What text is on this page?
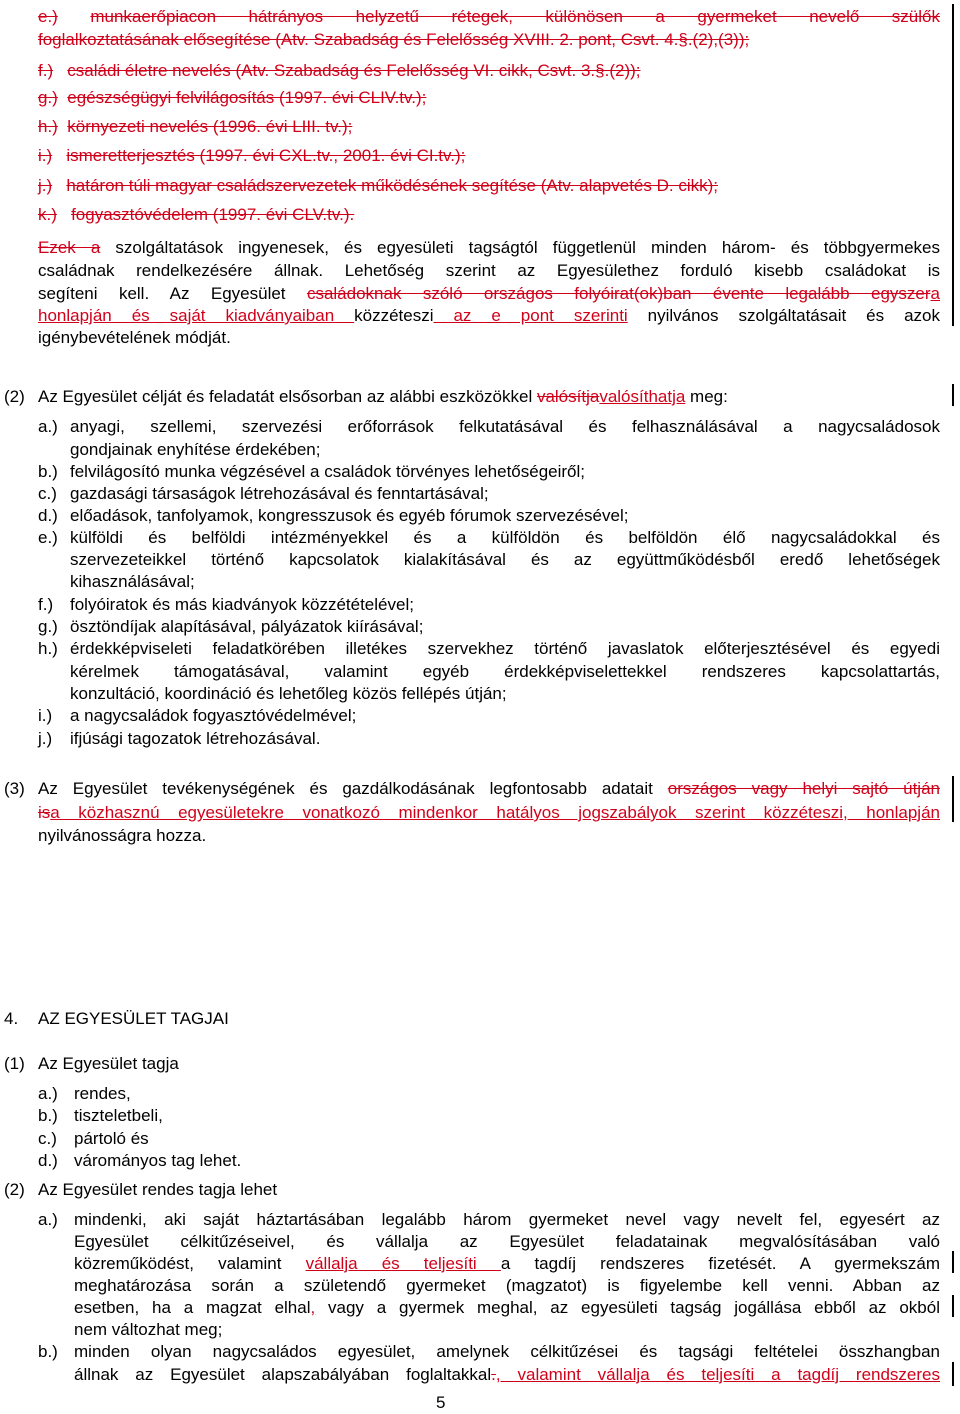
e.) munkaerőpiacon hátrányos helyzetű rétegek, különösen a gyermeket nevelő szülők
foglalkoztatásának elősegítése (Atv. Szabadság és Felelősség XVIII. 2. pont, Csvt. 4.§.(2),(3));
f.) családi életre nevelés (Atv. Szabadság és Felelősség VI. cikk, Csvt. 3.§.(2));
g.) egészségügyi felvilágosítás (1997. évi CLIV.tv.);
h.) környezeti nevelés (1996. évi LIII. tv.);
i.) ismeretterjesztés (1997. évi CXL.tv., 2001. évi CI.tv.);
j.) határon túli magyar családszervezetek működésének segítése (Atv. alapvetés D. cikk);
k.) fogyasztóvédelem (1997. évi CLV.tv.).
Ezek a szolgáltatások ingyenesek, és egyesületi tagságtól függetlenül minden három- és többgyermekes
családnak rendelkezésére állnak. Lehetőség szerint az Egyesülethez forduló kisebb családokat is
segíteni kell. Az Egyesület családoknak szóló országos folyóirat(ok)ban évente legalább egyszera
honlapján és saját kiadványaiban közzéteszi az e pont szerinti nyilvános szolgáltatásait és azok
igénybevételének módját.
(2) Az Egyesület célját és feladatát elsősorban az alábbi eszközökkel valósítjavalósíthatja meg:
a.) anyagi, szellemi, szervezési erőforrások felkutatásával és felhasználásával a nagycsaládosok
gondjainak enyhítése érdekében;
b.) felvilágosító munka végzésével a családok törvényes lehetőségeiről;
c.) gazdasági társaságok létrehozásával és fenntartásával;
d.) előadások, tanfolyamok, kongresszusok és egyéb fórumok szervezésével;
e.) külföldi és belföldi intézményekkel és a külföldön és belföldön élő nagycsaládokkal és
szervezeteikkel történő kapcsolatok kialakításával és az együttműködésből eredő lehetőségek
kihasználásával;
f.) folyóiratok és más kiadványok közzétételével;
g.) ösztöndíjak alapításával, pályázatok kiírásával;
h.) érdekképviseleti feladatkörében illetékes szervekhez történő javaslatok előterjesztésével és egyedi
kérelmek támogatásával, valamint egyéb érdekképviselettekkel rendszeres kapcsolattartás,
konzultáció, koordináció és lehetőleg közös fellépés útján;
i.) a nagycsaládok fogyasztóvédelmével;
j.) ifjúsági tagozatok létrehozásával.
(3) Az Egyesület tevékenységének és gazdálkodásának legfontosabb adatait országos vagy helyi sajtó útján
isa közhasznú egyesületekre vonatkozó mindenkor hatályos jogszabályok szerint közzéteszi, honlapján
nyilvánosságra hozza.
4. AZ EGYESÜLET TAGJAI
(1) Az Egyesület tagja
a.) rendes,
b.) tiszteletbeli,
c.) pártoló és
d.) várományos tag lehet.
(2) Az Egyesület rendes tagja lehet
a.) mindenki, aki saját háztartásában legalább három gyermeket nevel vagy nevelt fel, egyesért az
Egyesület célkitűzéseivel, és vállalja az Egyesület feladatainak megvalósításában való
közreműködést, valamint vállalja és teljesíti a tagdíj rendszeres fizetését. A gyermekszám
meghatározása során a születendő gyermeket (magzatot) is figyelembe kell venni. Abban az
esetben, ha a magzat elhal, vagy a gyermek meghal, az egyesületi tagság jogállása ebből az okból
nem változhat meg;
b.) minden olyan nagycsaládos egyesület, amelynek célkitűzései és tagsági feltételei összhangban
állnak az Egyesület alapszabályában foglaltakkal., valamint vállalja és teljesíti a tagdíj rendszeres
5
